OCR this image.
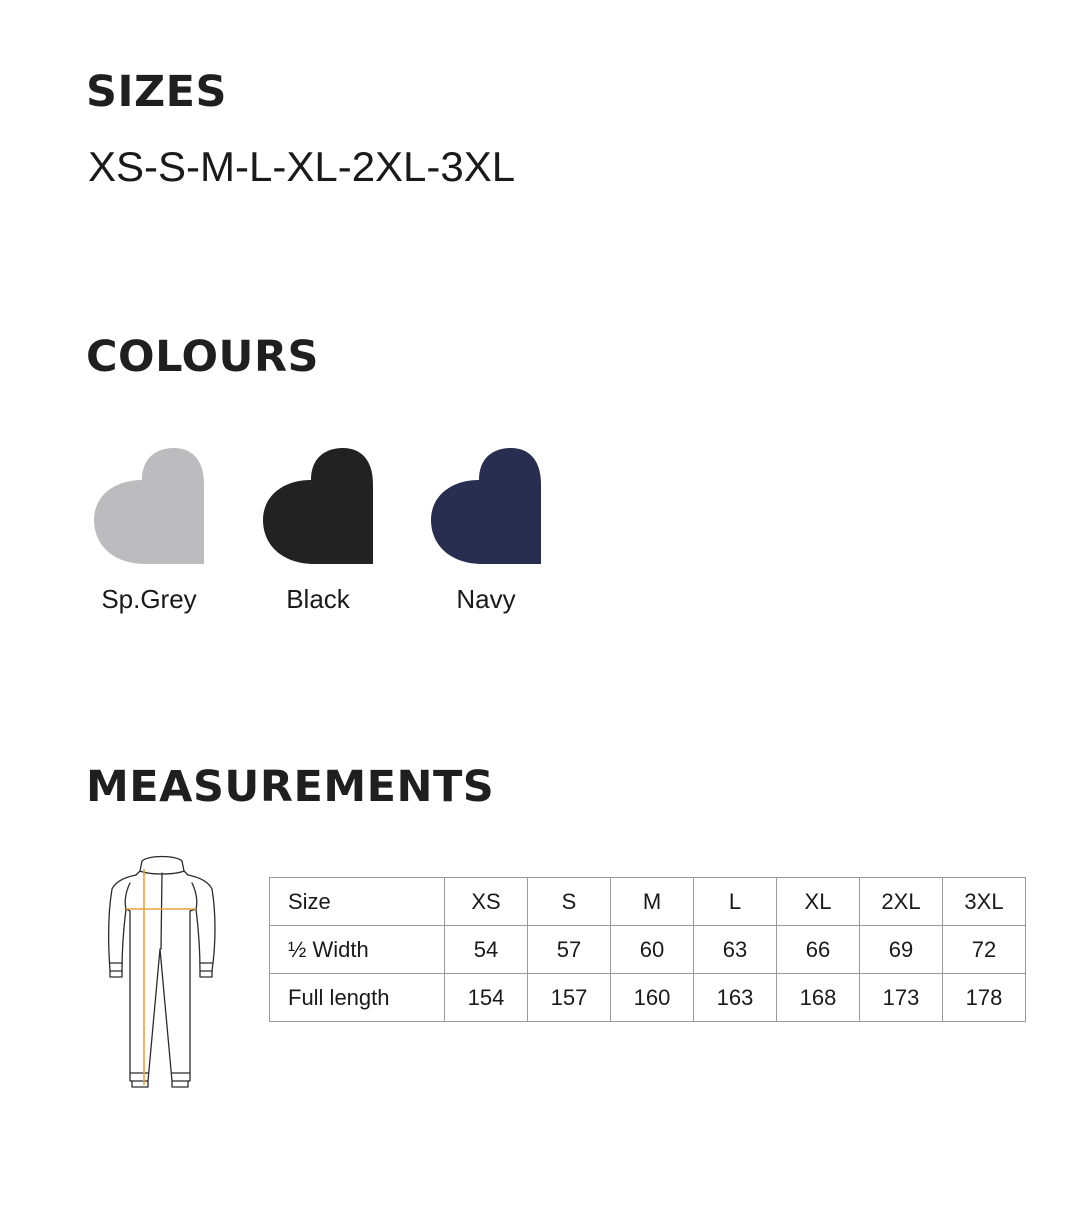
SIZES
XS-S-M-L-XL-2XL-3XL
COLOURS
Sp.Grey	Black	Navy
MEASUREMENTS
Size	XS	S	M	L	XL	2XL	3XL
½ Width	54	57	60	63	66	69	72
Full length	154	157	160	163	168	173	178
